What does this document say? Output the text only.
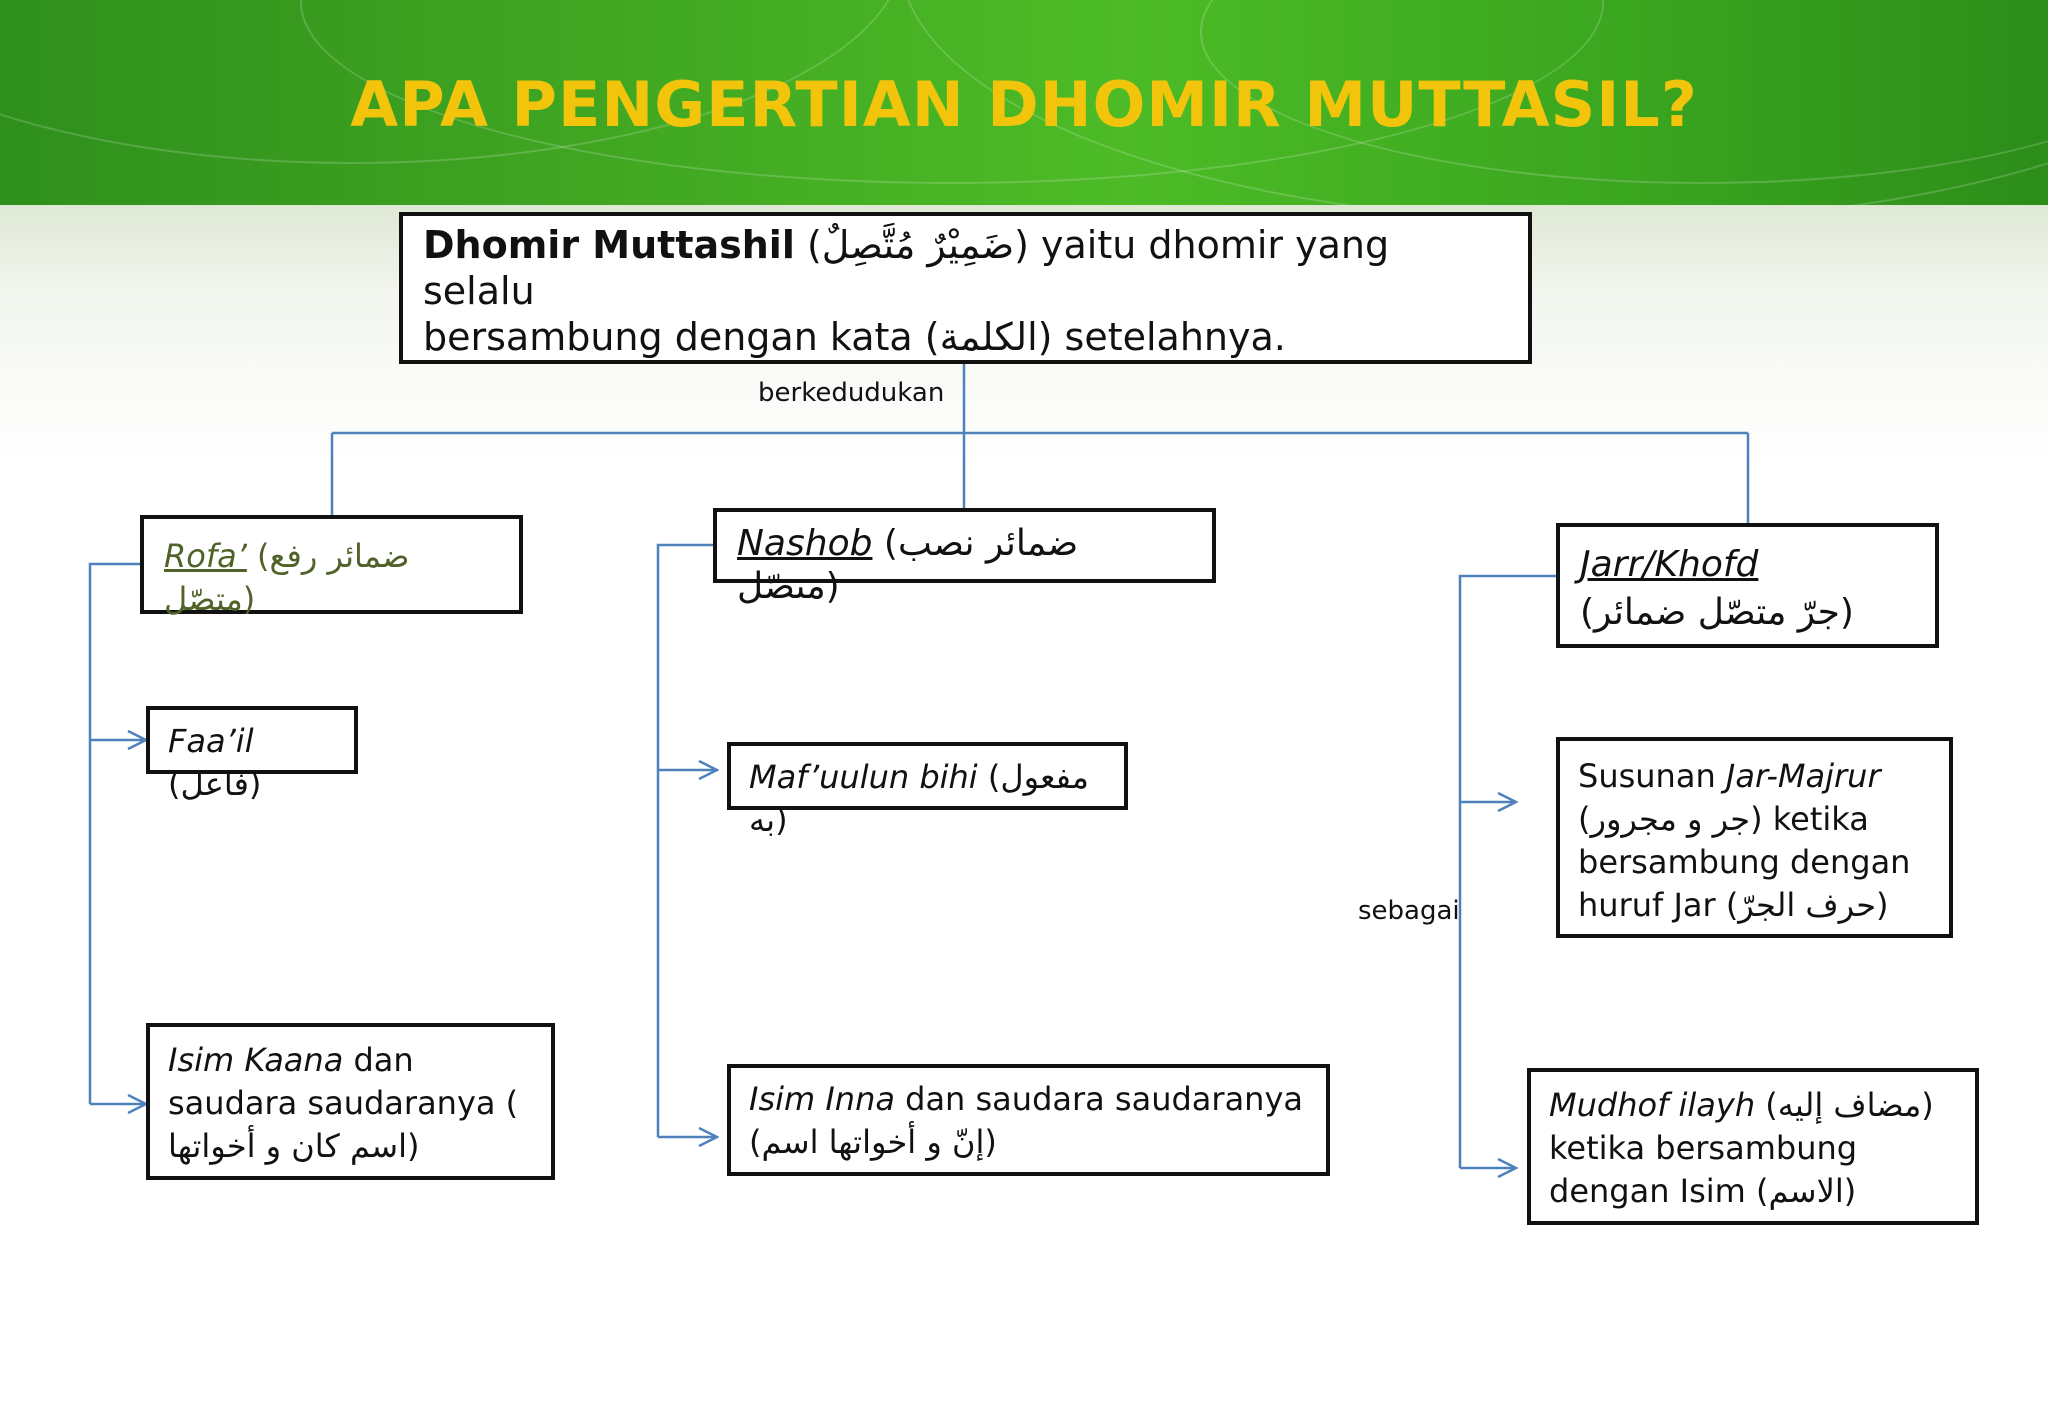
APA PENGERTIAN DHOMIR MUTTASIL?
Dhomir Muttashil (ضَمِيْرٌ مُتَّصِلٌ) yaitu dhomir yang selalu
bersambung dengan kata (الكلمة) setelahnya.
berkedudukan
sebagai
Rofa’ (ضمائر رفع متصّل)
Nashob (ضمائر نصب متصّل)
Jarr/Khofd
(جرّ متصّل ضمائر)
Faa’il (فاعل)
Isim Kaana dan saudara saudaranya ( اسم كان و أخواتها)
Maf’uulun bihi (مفعول به)
Isim Inna dan saudara saudaranya
(إنّ و أخواتها اسم)
Susunan Jar-Majrur
(جر و مجرور) ketika bersambung dengan huruf Jar (حرف الجرّ)
Mudhof ilayh (مضاف إليه) ketika bersambung dengan Isim (الاسم)
